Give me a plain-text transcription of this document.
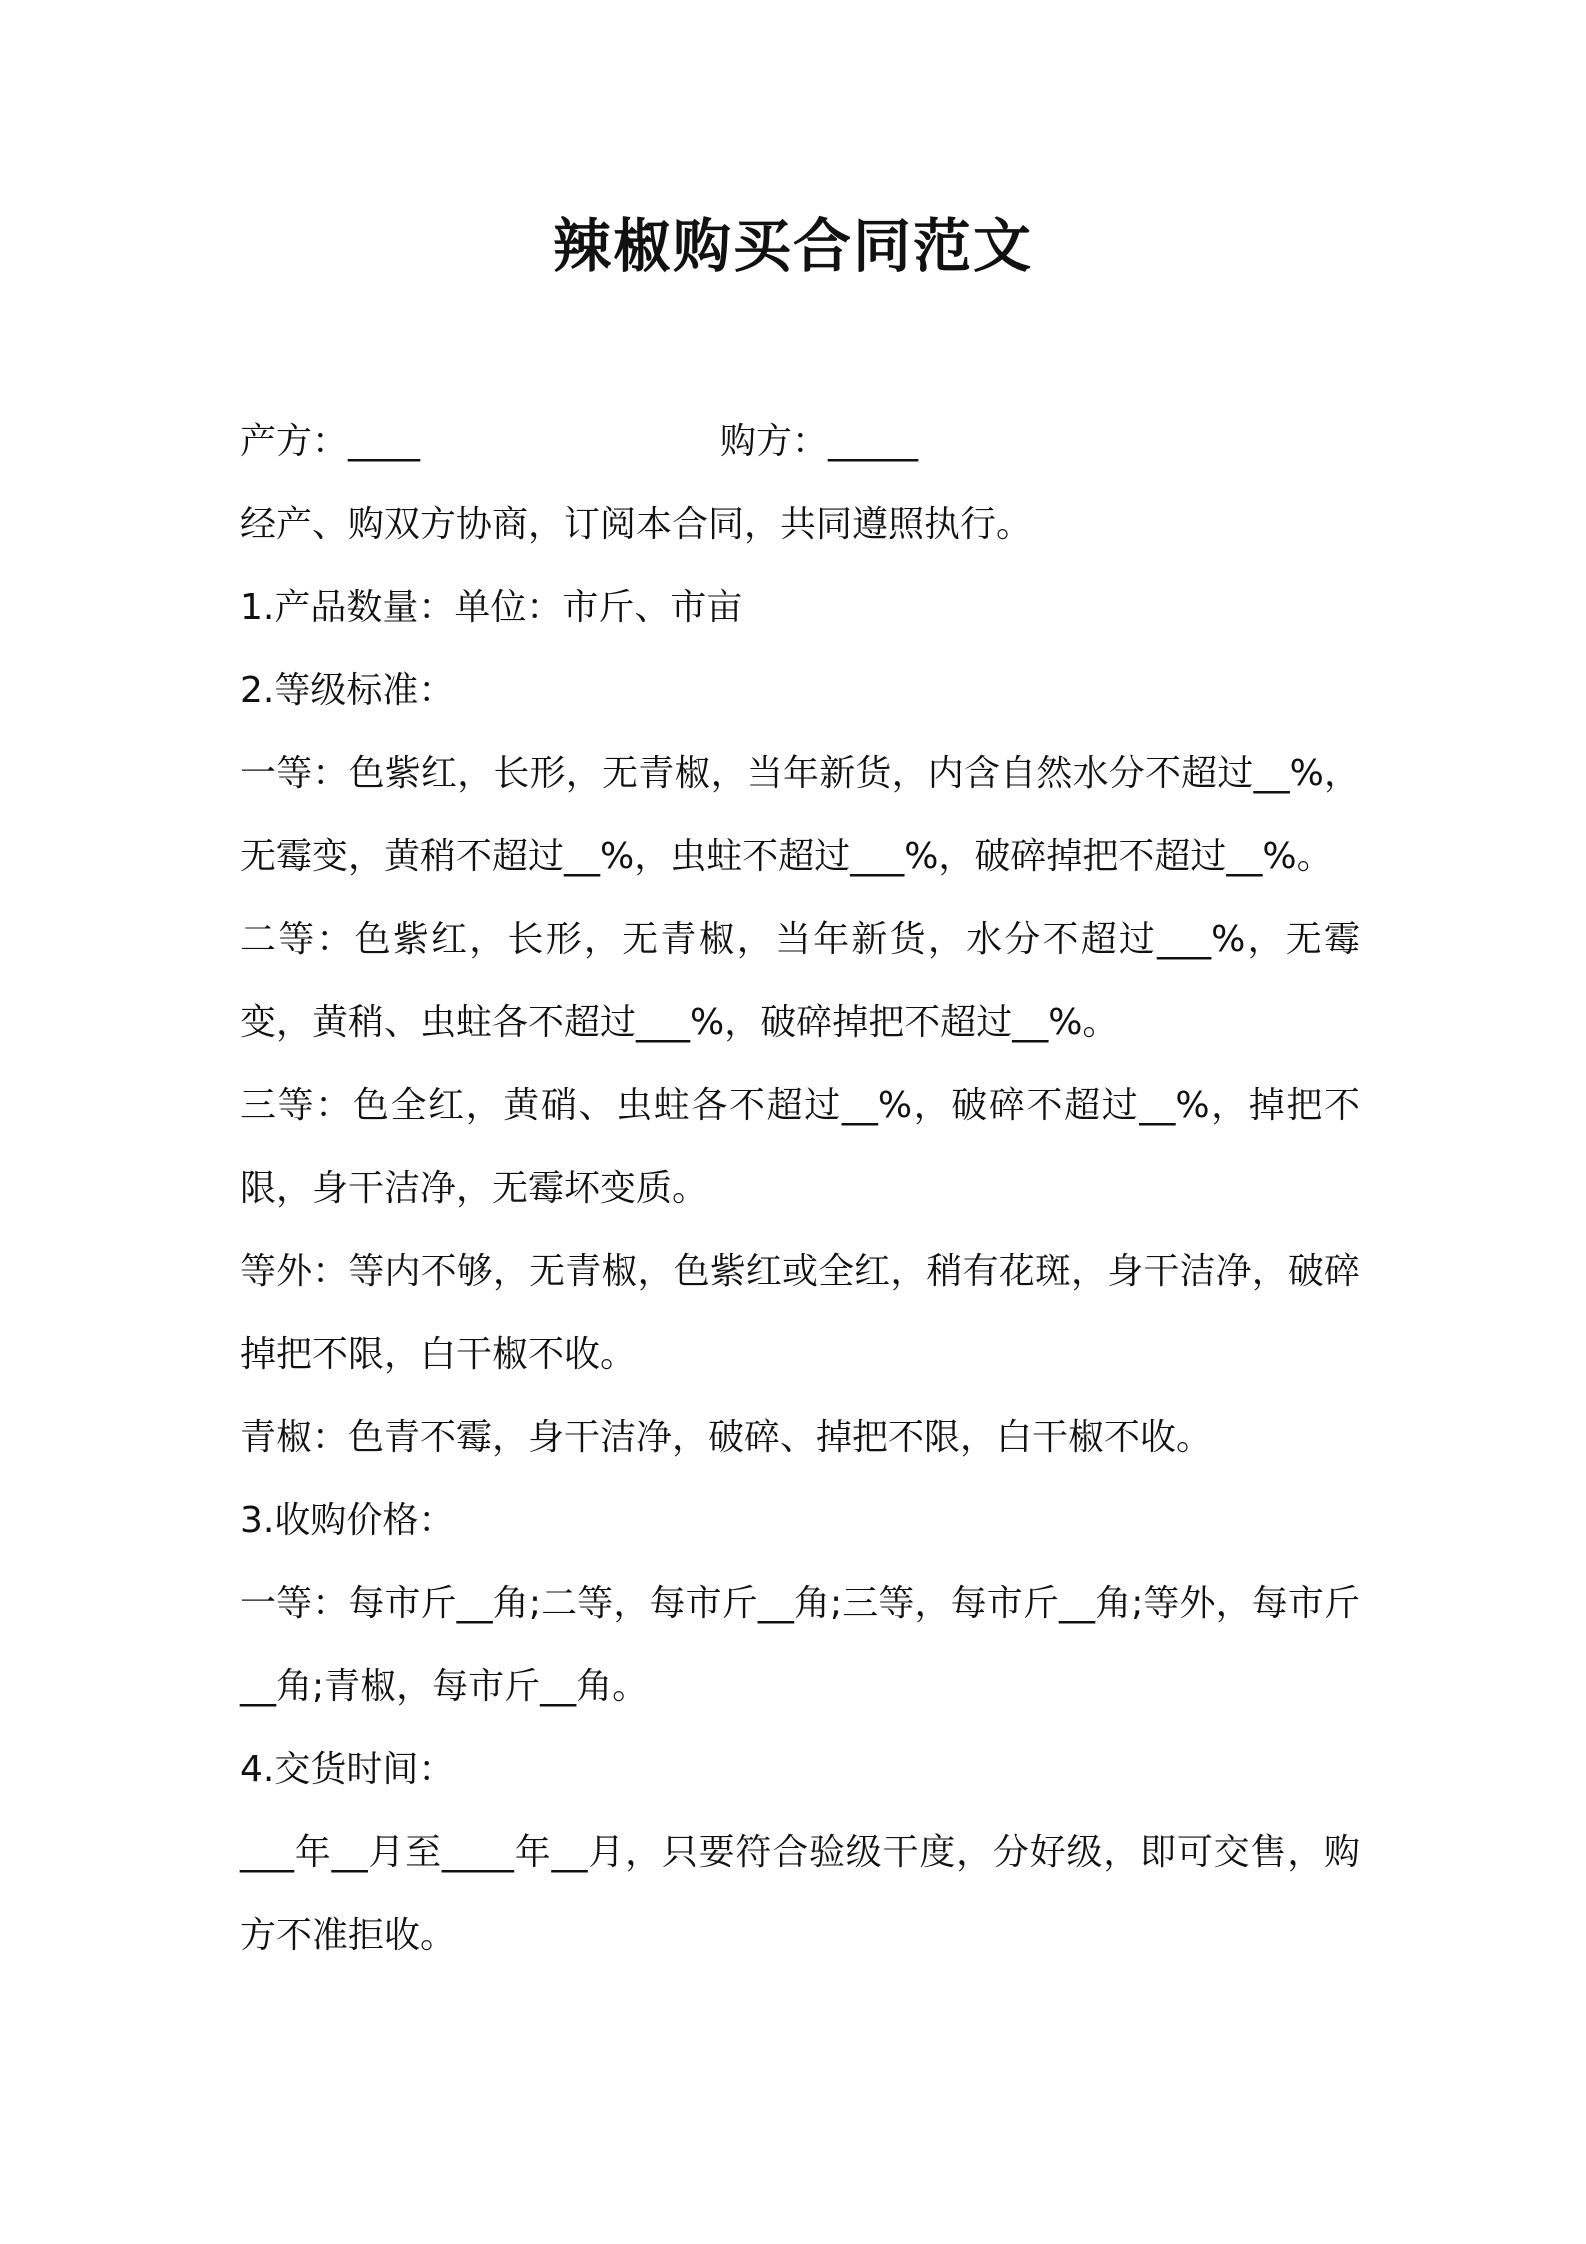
辣椒购买合同范文
产方：____	购方：_____

经产、购双方协商，订阅本合同，共同遵照执行。

1.产品数量：单位：市斤、市亩

2.等级标准：

一等：色紫红，长形，无青椒，当年新货，内含自然水分不超过__%，无霉变，黄稍不超过__%，虫蛀不超过___%，破碎掉把不超过__%。

二等：色紫红，长形，无青椒，当年新货，水分不超过___%，无霉变，黄稍、虫蛀各不超过___%，破碎掉把不超过__%。

三等：色全红，黄硝、虫蛀各不超过__%，破碎不超过__%，掉把不限，身干洁净，无霉坏变质。

等外：等内不够，无青椒，色紫红或全红，稍有花斑，身干洁净，破碎掉把不限，白干椒不收。

青椒：色青不霉，身干洁净，破碎、掉把不限，白干椒不收。

3.收购价格：

一等：每市斤__角;二等，每市斤__角;三等，每市斤__角;等外，每市斤__角;青椒，每市斤__角。

4.交货时间：

___年__月至____年__月，只要符合验级干度，分好级，即可交售，购方不准拒收。
